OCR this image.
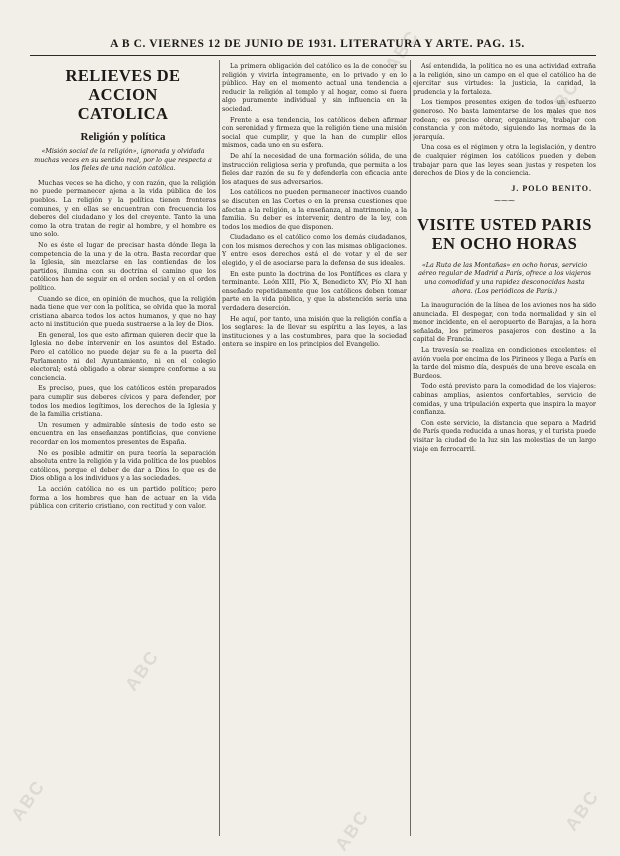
ABC
ABC
ABC
ABC
ABC
ABC
A B C. VIERNES 12 DE JUNIO DE 1931. LITERATURA Y ARTE. PAG. 15.
RELIEVES DE ACCION
CATOLICA
Religión y política

«Misión social de la religión», ignorada y olvidada muchas veces en su sentido real, por lo que respecta a los fieles de una nación católica.

Muchas veces se ha dicho, y con razón, que la religión no puede permanecer ajena a la vida pública de los pueblos. La religión y la política tienen fronteras comunes, y en ellas se encuentran con frecuencia los deberes del ciudadano y los del creyente. Tanto la una como la otra tratan de regir al hombre, y el hombre es uno solo.

No es éste el lugar de precisar hasta dónde llega la competencia de la una y de la otra. Basta recordar que la Iglesia, sin mezclarse en las contiendas de los partidos, ilumina con su doctrina el camino que los católicos han de seguir en el orden social y en el orden político.

Cuando se dice, en opinión de muchos, que la religión nada tiene que ver con la política, se olvida que la moral cristiana abarca todos los actos humanos, y que no hay acto ni institución que pueda sustraerse a la ley de Dios.

En general, los que esto afirman quieren decir que la Iglesia no debe intervenir en los asuntos del Estado. Pero el católico no puede dejar su fe a la puerta del Parlamento ni del Ayuntamiento, ni en el colegio electoral; está obligado a obrar siempre conforme a su conciencia.

Es preciso, pues, que los católicos estén preparados para cumplir sus deberes cívicos y para defender, por todos los medios legítimos, los derechos de la Iglesia y de la familia cristiana.

Un resumen y admirable síntesis de todo esto se encuentra en las enseñanzas pontificias, que conviene recordar en los momentos presentes de España.

No es posible admitir en pura teoría la separación absoluta entre la religión y la vida política de los pueblos católicos, porque el deber de dar a Dios lo que es de Dios obliga a los individuos y a las sociedades.

La acción católica no es un partido político; pero forma a los hombres que han de actuar en la vida pública con criterio cristiano, con rectitud y con valor.

La primera obligación del católico es la de conocer su religión y vivirla íntegramente, en lo privado y en lo público. Hay en el momento actual una tendencia a reducir la religión al templo y al hogar, como si fuera algo puramente individual y sin influencia en la sociedad.

Frente a esa tendencia, los católicos deben afirmar con serenidad y firmeza que la religión tiene una misión social que cumplir, y que la han de cumplir ellos mismos, cada uno en su esfera.

De ahí la necesidad de una formación sólida, de una instrucción religiosa seria y profunda, que permita a los fieles dar razón de su fe y defenderla con eficacia ante los ataques de sus adversarios.

Los católicos no pueden permanecer inactivos cuando se discuten en las Cortes o en la prensa cuestiones que afectan a la religión, a la enseñanza, al matrimonio, a la familia. Su deber es intervenir, dentro de la ley, con todos los medios de que disponen.

Ciudadano es el católico como los demás ciudadanos, con los mismos derechos y con las mismas obligaciones. Y entre esos derechos está el de votar y el de ser elegido, y el de asociarse para la defensa de sus ideales.

En este punto la doctrina de los Pontífices es clara y terminante. León XIII, Pío X, Benedicto XV, Pío XI han enseñado repetidamente que los católicos deben tomar parte en la vida pública, y que la abstención sería una verdadera deserción.

He aquí, por tanto, una misión que la religión confía a los seglares: la de llevar su espíritu a las leyes, a las instituciones y a las costumbres, para que la sociedad entera se inspire en los principios del Evangelio.

Así entendida, la política no es una actividad extraña a la religión, sino un campo en el que el católico ha de ejercitar sus virtudes: la justicia, la caridad, la prudencia y la fortaleza.

Los tiempos presentes exigen de todos un esfuerzo generoso. No basta lamentarse de los males que nos rodean; es preciso obrar, organizarse, trabajar con constancia y con método, siguiendo las normas de la jerarquía.

Una cosa es el régimen y otra la legislación, y dentro de cualquier régimen los católicos pueden y deben trabajar para que las leyes sean justas y respeten los derechos de Dios y de la conciencia.

J. POLO BENITO.
⁓⁓⁓
VISITE USTED PARIS
EN OCHO HORAS

«La Ruta de las Montañas» en ocho horas, servicio aéreo regular de Madrid a París, ofrece a los viajeros una comodidad y una rapidez desconocidas hasta ahora. (Los periódicos de París.)

La inauguración de la línea de los aviones nos ha sido anunciada. El despegar, con toda normalidad y sin el menor incidente, en el aeropuerto de Barajas, a la hora señalada, los primeros pasajeros con destino a la capital de Francia.

La travesía se realiza en condiciones excelentes: el avión vuela por encima de los Pirineos y llega a París en la tarde del mismo día, después de una breve escala en Burdeos.

Todo está previsto para la comodidad de los viajeros: cabinas amplias, asientos confortables, servicio de comidas, y una tripulación experta que inspira la mayor confianza.

Con este servicio, la distancia que separa a Madrid de París queda reducida a unas horas, y el turista puede visitar la ciudad de la luz sin las molestias de un largo viaje en ferrocarril.
